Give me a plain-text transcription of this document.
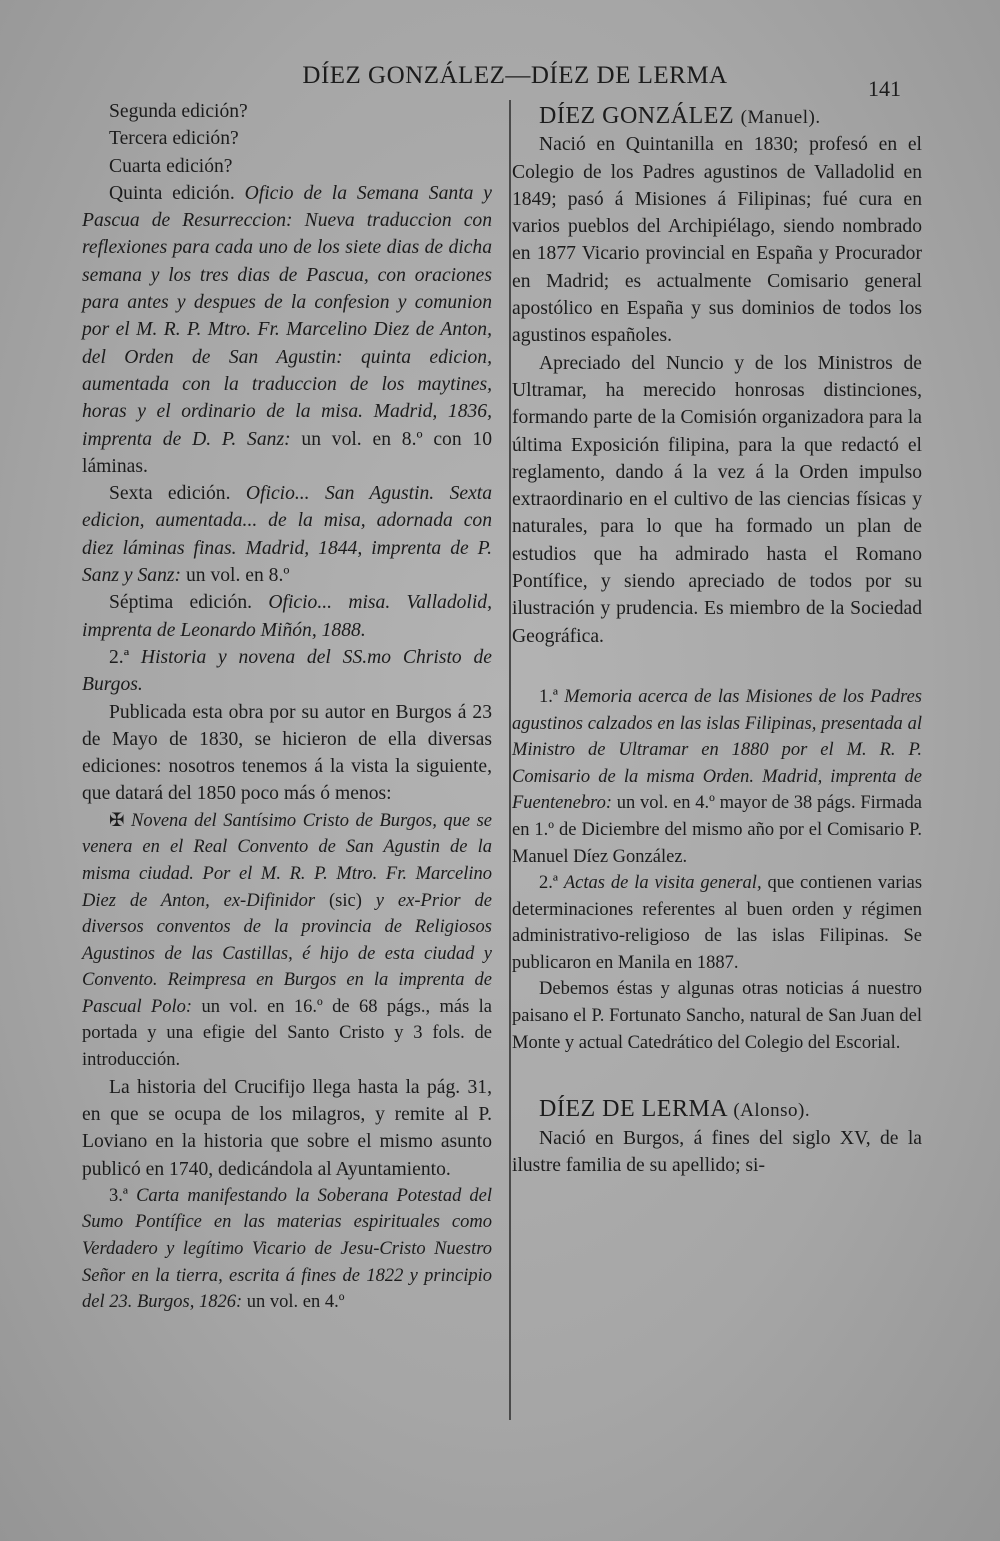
DÍEZ GONZÁLEZ—DÍEZ DE LERMA	141

Segunda edición?

Tercera edición?

Cuarta edición?

Quinta edición. Oficio de la Semana Santa y Pascua de Resurreccion: Nueva traduccion con reflexiones para cada uno de los siete dias de dicha semana y los tres dias de Pascua, con oraciones para antes y despues de la confesion y comunion por el M. R. P. Mtro. Fr. Marcelino Diez de Anton, del Orden de San Agustin: quinta edicion, aumentada con la traduccion de los maytines, horas y el ordinario de la misa. Madrid, 1836, imprenta de D. P. Sanz: un vol. en 8.º con 10 láminas.

Sexta edición. Oficio... San Agustin. Sexta edicion, aumentada... de la misa, adornada con diez láminas finas. Madrid, 1844, imprenta de P. Sanz y Sanz: un vol. en 8.º

Séptima edición. Oficio... misa. Valladolid, imprenta de Leonardo Miñón, 1888.

2.ª Historia y novena del SS.mo Christo de Burgos.

Publicada esta obra por su autor en Burgos á 23 de Mayo de 1830, se hicieron de ella diversas ediciones: nosotros tenemos á la vista la siguiente, que datará del 1850 poco más ó menos:

✠ Novena del Santísimo Cristo de Burgos, que se venera en el Real Convento de San Agustin de la misma ciudad. Por el M. R. P. Mtro. Fr. Marcelino Diez de Anton, ex-Difinidor (sic) y ex-Prior de diversos conventos de la provincia de Religiosos Agustinos de las Castillas, é hijo de esta ciudad y Convento. Reimpresa en Burgos en la imprenta de Pascual Polo: un vol. en 16.º de 68 págs., más la portada y una efigie del Santo Cristo y 3 fols. de introducción.

La historia del Crucifijo llega hasta la pág. 31, en que se ocupa de los milagros, y remite al P. Loviano en la historia que sobre el mismo asunto publicó en 1740, dedicándola al Ayuntamiento.

3.ª Carta manifestando la Soberana Potestad del Sumo Pontífice en las materias espirituales como Verdadero y legítimo Vicario de Jesu-Cristo Nuestro Señor en la tierra, escrita á fines de 1822 y principio del 23. Burgos, 1826: un vol. en 4.º

DÍEZ GONZÁLEZ (Manuel).

Nació en Quintanilla en 1830; profesó en el Colegio de los Padres agustinos de Valladolid en 1849; pasó á Misiones á Filipinas; fué cura en varios pueblos del Archipiélago, siendo nombrado en 1877 Vicario provincial en España y Procurador en Madrid; es actualmente Comisario general apostólico en España y sus dominios de todos los agustinos españoles.

Apreciado del Nuncio y de los Ministros de Ultramar, ha merecido honrosas distinciones, formando parte de la Comisión organizadora para la última Exposición filipina, para la que redactó el reglamento, dando á la vez á la Orden impulso extraordinario en el cultivo de las ciencias físicas y naturales, para lo que ha formado un plan de estudios que ha admirado hasta el Romano Pontífice, y siendo apreciado de todos por su ilustración y prudencia. Es miembro de la Sociedad Geográfica.

1.ª Memoria acerca de las Misiones de los Padres agustinos calzados en las islas Filipinas, presentada al Ministro de Ultramar en 1880 por el M. R. P. Comisario de la misma Orden. Madrid, imprenta de Fuentenebro: un vol. en 4.º mayor de 38 págs. Firmada en 1.º de Diciembre del mismo año por el Comisario P. Manuel Díez González.

2.ª Actas de la visita general, que contienen varias determinaciones referentes al buen orden y régimen administrativo-religioso de las islas Filipinas. Se publicaron en Manila en 1887.

Debemos éstas y algunas otras noticias á nuestro paisano el P. Fortunato Sancho, natural de San Juan del Monte y actual Catedrático del Colegio del Escorial.

DÍEZ DE LERMA (Alonso).

Nació en Burgos, á fines del siglo XV, de la ilustre familia de su apellido; si-
